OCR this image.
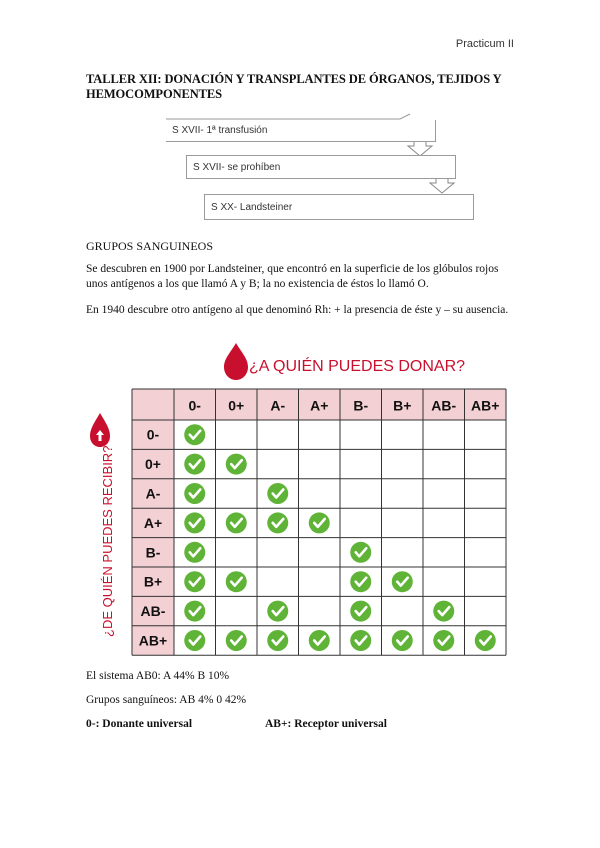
Practicum II
TALLER XII: DONACIÓN Y TRANSPLANTES DE ÓRGANOS, TEJIDOS Y HEMOCOMPONENTES
S XVII- 1ª transfusión
S XVII- se prohíben
S XX- Landsteiner
GRUPOS SANGUINEOS
Se descubren en 1900 por Landsteiner, que encontró en la superficie de los glóbulos rojos unos antígenos a los que llamó A y B; la no existencia de éstos lo llamó O.
En 1940 descubre otro antígeno al que denominó Rh: + la presencia de éste y – su ausencia.
¿A QUIÉN PUEDES DONAR?
¿DE QUIÉN PUEDES RECIBIR?
0- 0+ A- A+ B- B+ AB- AB+
0-
0+
A-
A+
B-
B+
AB-
AB+
El sistema AB0: A 44% B 10%
Grupos sanguíneos: AB 4% 0 42%
0-: Donante universal	AB+: Receptor universal
